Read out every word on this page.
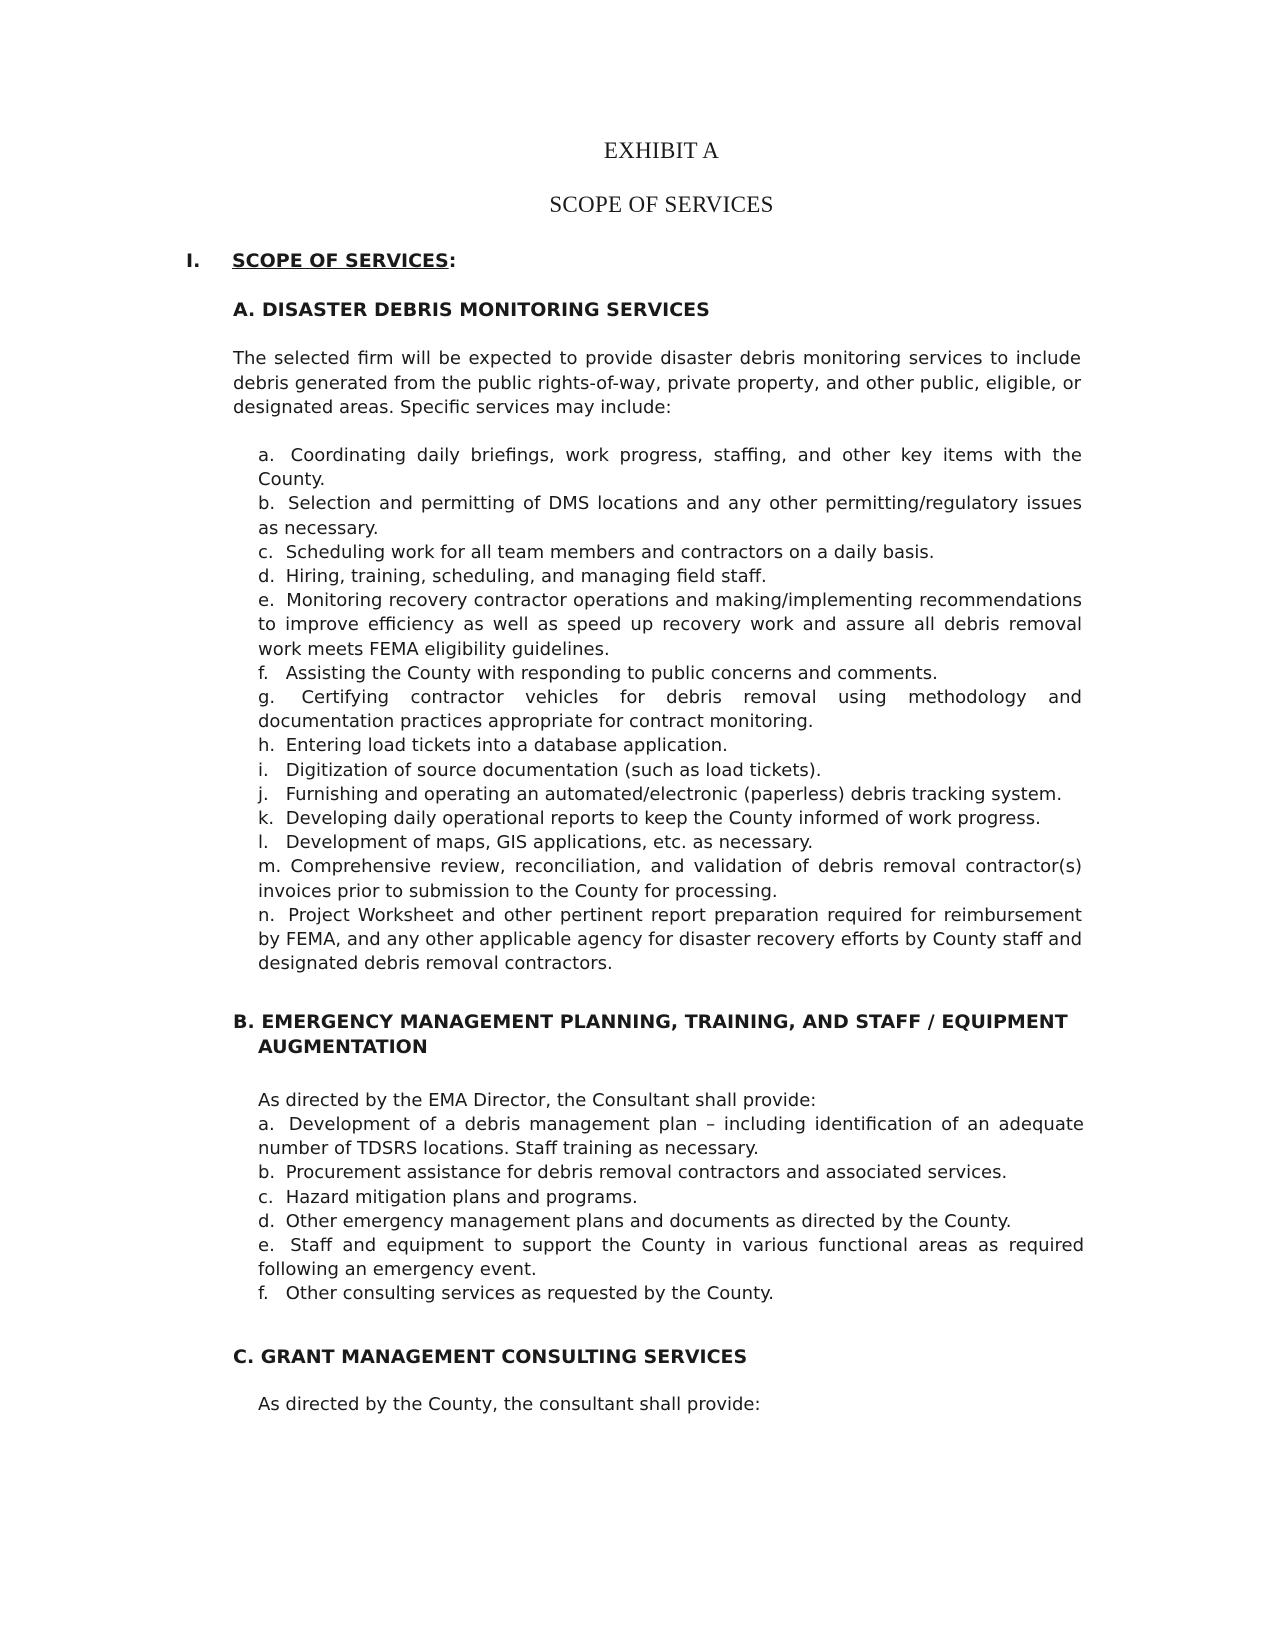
EXHIBIT A
SCOPE OF SERVICES
I. SCOPE OF SERVICES:
A. DISASTER DEBRIS MONITORING SERVICES
The selected firm will be expected to provide disaster debris monitoring services to include debris generated from the public rights-of-way, private property, and other public, eligible, or designated areas. Specific services may include:
a. Coordinating daily briefings, work progress, staffing, and other key items with the County.
b. Selection and permitting of DMS locations and any other permitting/regulatory issues as necessary.
c. Scheduling work for all team members and contractors on a daily basis.
d. Hiring, training, scheduling, and managing field staff.
e. Monitoring recovery contractor operations and making/implementing recommendations to improve efficiency as well as speed up recovery work and assure all debris removal work meets FEMA eligibility guidelines.
f. Assisting the County with responding to public concerns and comments.
g. Certifying contractor vehicles for debris removal using methodology and documentation practices appropriate for contract monitoring.
h. Entering load tickets into a database application.
i. Digitization of source documentation (such as load tickets).
j. Furnishing and operating an automated/electronic (paperless) debris tracking system.
k. Developing daily operational reports to keep the County informed of work progress.
l. Development of maps, GIS applications, etc. as necessary.
m. Comprehensive review, reconciliation, and validation of debris removal contractor(s) invoices prior to submission to the County for processing.
n. Project Worksheet and other pertinent report preparation required for reimbursement by FEMA, and any other applicable agency for disaster recovery efforts by County staff and designated debris removal contractors.
B. EMERGENCY MANAGEMENT PLANNING, TRAINING, AND STAFF / EQUIPMENT
AUGMENTATION
As directed by the EMA Director, the Consultant shall provide:
a. Development of a debris management plan – including identification of an adequate number of TDSRS locations. Staff training as necessary.
b. Procurement assistance for debris removal contractors and associated services.
c. Hazard mitigation plans and programs.
d. Other emergency management plans and documents as directed by the County.
e. Staff and equipment to support the County in various functional areas as required following an emergency event.
f. Other consulting services as requested by the County.
C. GRANT MANAGEMENT CONSULTING SERVICES
As directed by the County, the consultant shall provide:
